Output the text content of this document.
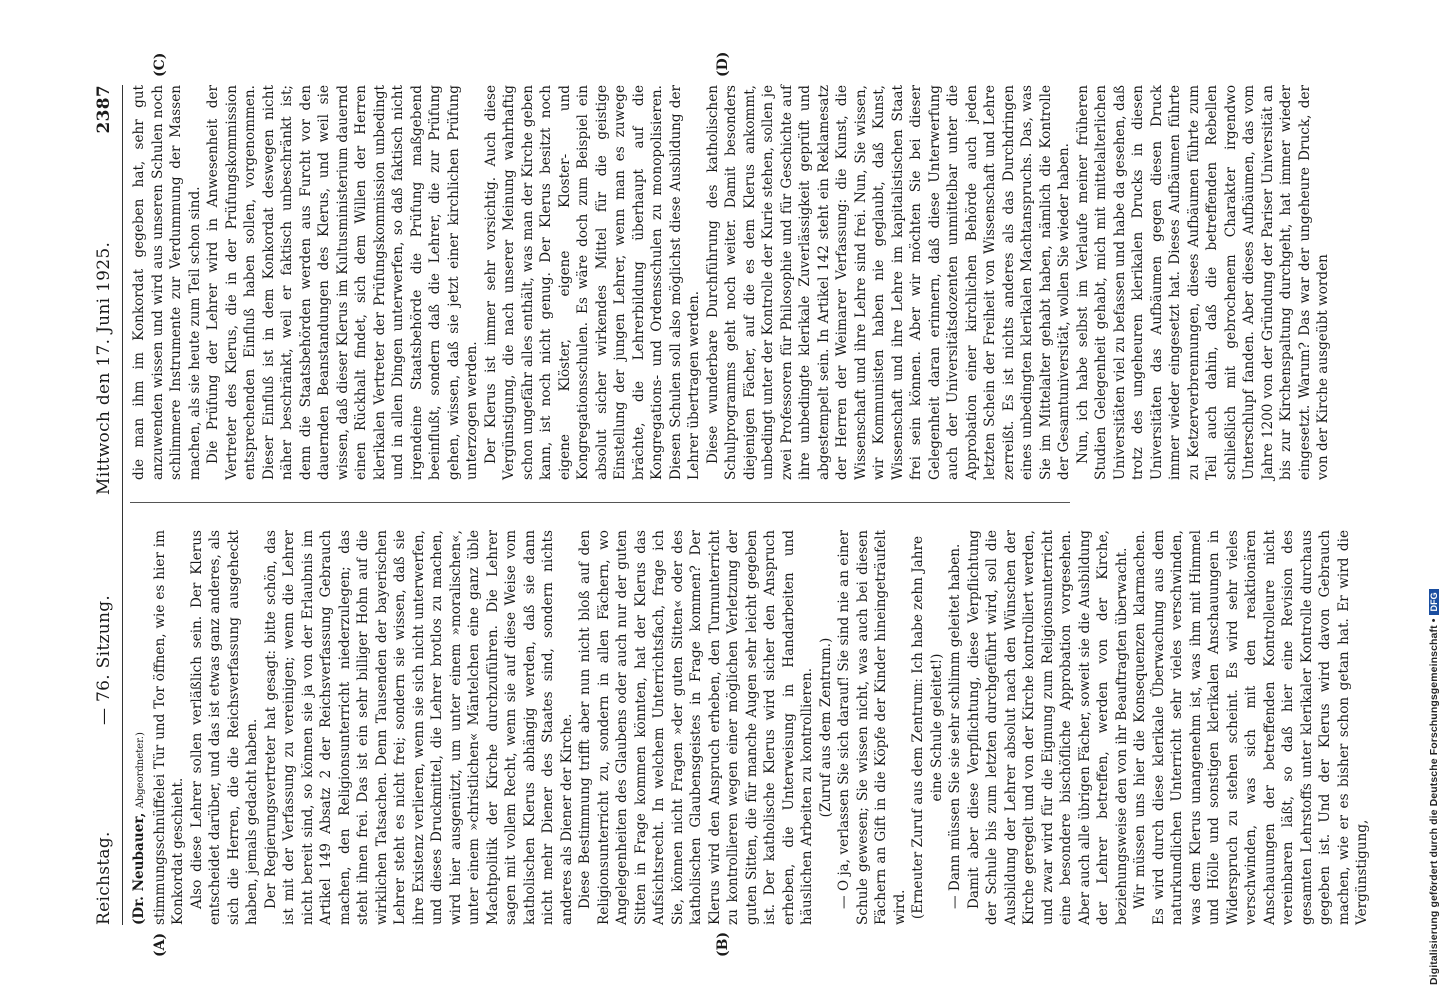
Reichstag.
— 76. Sitzung.
Mittwoch den 17. Juni 1925.
2387
(A)	(B)
(C)	(D)

(Dr. Neubauer, Abgeordneter.) stimmungsschnüffelei Tür und Tor öffnen, wie es hier im Konkordat geschieht. Also diese Lehrer sollen verläßlich sein. Der Klerus entscheidet darüber, und das ist etwas ganz anderes, als sich die Herren, die die Reichsverfassung ausgeheckt haben, jemals gedacht haben. Der Regierungsvertreter hat gesagt: bitte schön, das ist mit der Verfassung zu vereinigen; wenn die Lehrer nicht bereit sind, so können sie ja von der Erlaubnis im Artikel 149 Absatz 2 der Reichsverfassung Gebrauch machen, den Religionsunterricht niederzulegen; das steht ihnen frei. Das ist ein sehr billiger Hohn auf die wirklichen Tatsachen. Denn Tausenden der bayerischen Lehrer steht es nicht frei; sondern sie wissen, daß sie ihre Existenz verlieren, wenn sie sich nicht unterwerfen, und dieses Druckmittel, die Lehrer brotlos zu machen, wird hier ausgenützt, um unter einem »moralischen«, unter einem »christlichen« Mäntelchen eine ganz üble Machtpolitik der Kirche durchzuführen. Die Lehrer sagen mit vollem Recht, wenn sie auf diese Weise vom katholischen Klerus abhängig werden, daß sie dann nicht mehr Diener des Staates sind, sondern nichts anderes als Diener der Kirche. Diese Bestimmung trifft aber nun nicht bloß auf den Religionsunterricht zu, sondern in allen Fächern, wo Angelegenheiten des Glaubens oder auch nur der guten Sitten in Frage kommen könnten, hat der Klerus das Aufsichtsrecht. In welchem Unterrichtsfach, frage ich Sie, können nicht Fragen »der guten Sitten« oder des katholischen Glaubensgeistes in Frage kommen? Der Klerus wird den Anspruch erheben, den Turnunterricht zu kontrollieren wegen einer möglichen Verletzung der guten Sitten, die für manche Augen sehr leicht gegeben ist. Der katholische Klerus wird sicher den Anspruch erheben, die Unterweisung in Handarbeiten und häuslichen Arbeiten zu kontrollieren. (Zuruf aus dem Zentrum.) — O ja, verlassen Sie sich darauf! Sie sind nie an einer Schule gewesen; Sie wissen nicht, was auch bei diesen Fächern an Gift in die Köpfe der Kinder hineingeträufelt wird. (Erneuter Zuruf aus dem Zentrum: Ich habe zehn Jahre eine Schule geleitet!) — Dann müssen Sie sie sehr schlimm geleitet haben. Damit aber diese Verpflichtung, diese Verpflichtung der Schule bis zum letzten durchgeführt wird, soll die Ausbildung der Lehrer absolut nach den Wünschen der Kirche geregelt und von der Kirche kontrolliert werden, und zwar wird für die Eignung zum Religionsunterricht eine besondere bischöfliche Approbation vorgesehen. Aber auch alle übrigen Fächer, soweit sie die Ausbildung der Lehrer betreffen, werden von der Kirche, beziehungsweise den von ihr Beauftragten überwacht. Wir müssen uns hier die Konsequenzen klarmachen. Es wird durch diese klerikale Überwachung aus dem naturkundlichen Unterricht sehr vieles verschwinden, was dem Klerus unangenehm ist, was ihm mit Himmel und Hölle und sonstigen klerikalen Anschauungen in Widerspruch zu stehen scheint. Es wird sehr vieles verschwinden, was sich mit den reaktionären Anschauungen der betreffenden Kontrolleure nicht vereinbaren läßt, so daß hier eine Revision des gesamten Lehrstoffs unter klerikaler Kontrolle durchaus gegeben ist. Und der Klerus wird davon Gebrauch machen, wie er es bisher schon getan hat. Er wird die Vergünstigung,

die man ihm im Konkordat gegeben hat, sehr gut anzuwenden wissen und wird aus unseren Schulen noch schlimmere Instrumente zur Verdummung der Massen machen, als sie heute zum Teil schon sind. Die Prüfung der Lehrer wird in Anwesenheit der Vertreter des Klerus, die in der Prüfungskommission entsprechenden Einfluß haben sollen, vorgenommen. Dieser Einfluß ist in dem Konkordat deswegen nicht näher beschränkt, weil er faktisch unbeschränkt ist; denn die Staatsbehörden werden aus Furcht vor den dauernden Beanstandungen des Klerus, und weil sie wissen, daß dieser Klerus im Kultusministerium dauernd einen Rückhalt findet, sich dem Willen der Herren klerikalen Vertreter der Prüfungskommission unbedingt und in allen Dingen unterwerfen, so daß faktisch nicht irgendeine Staatsbehörde die Prüfung maßgebend beeinflußt, sondern daß die Lehrer, die zur Prüfung gehen, wissen, daß sie jetzt einer kirchlichen Prüfung unterzogen werden. Der Klerus ist immer sehr vorsichtig. Auch diese Vergünstigung, die nach unserer Meinung wahrhaftig schon ungefähr alles enthält, was man der Kirche geben kann, ist noch nicht genug. Der Klerus besitzt noch eigene Klöster, eigene Kloster- und Kongregationsschulen. Es wäre doch zum Beispiel ein absolut sicher wirkendes Mittel für die geistige Einstellung der jungen Lehrer, wenn man es zuwege brächte, die Lehrerbildung überhaupt auf die Kongregations- und Ordensschulen zu monopolisieren. Diesen Schulen soll also möglichst diese Ausbildung der Lehrer übertragen werden. Diese wunderbare Durchführung des katholischen Schulprogramms geht noch weiter. Damit besonders diejenigen Fächer, auf die es dem Klerus ankommt, unbedingt unter der Kontrolle der Kurie stehen, sollen je zwei Professoren für Philosophie und für Geschichte auf ihre unbedingte klerikale Zuverlässigkeit geprüft und abgestempelt sein. In Artikel 142 steht ein Reklamesatz der Herren der Weimarer Verfassung: die Kunst, die Wissenschaft und ihre Lehre sind frei. Nun, Sie wissen, wir Kommunisten haben nie geglaubt, daß Kunst, Wissenschaft und ihre Lehre im kapitalistischen Staat frei sein können. Aber wir möchten Sie bei dieser Gelegenheit daran erinnern, daß diese Unterwerfung auch der Universitätsdozenten unmittelbar unter die Approbation einer kirchlichen Behörde auch jeden letzten Schein der Freiheit von Wissenschaft und Lehre zerreißt. Es ist nichts anderes als das Durchdringen eines unbedingten klerikalen Machtanspruchs. Das, was Sie im Mittelalter gehabt haben, nämlich die Kontrolle der Gesamtuniversität, wollen Sie wieder haben. Nun, ich habe selbst im Verlaufe meiner früheren Studien Gelegenheit gehabt, mich mit mittelalterlichen Universitäten viel zu befassen und habe da gesehen, daß trotz des ungeheuren klerikalen Drucks in diesen Universitäten das Aufbäumen gegen diesen Druck immer wieder eingesetzt hat. Dieses Aufbäumen führte zu Ketzerverbrennungen, dieses Aufbäumen führte zum Teil auch dahin, daß die betreffenden Rebellen schließlich mit gebrochenem Charakter irgendwo Unterschlupf fanden. Aber dieses Aufbäumen, das vom Jahre 1200 von der Gründung der Pariser Universität an bis zur Kirchenspaltung durchgeht, hat immer wieder eingesetzt. Warum? Das war der ungeheure Druck, der von der Kirche ausgeübt worden

Digitalisierung gefördert durch die Deutsche Forschungsgemeinschaft •DFG
